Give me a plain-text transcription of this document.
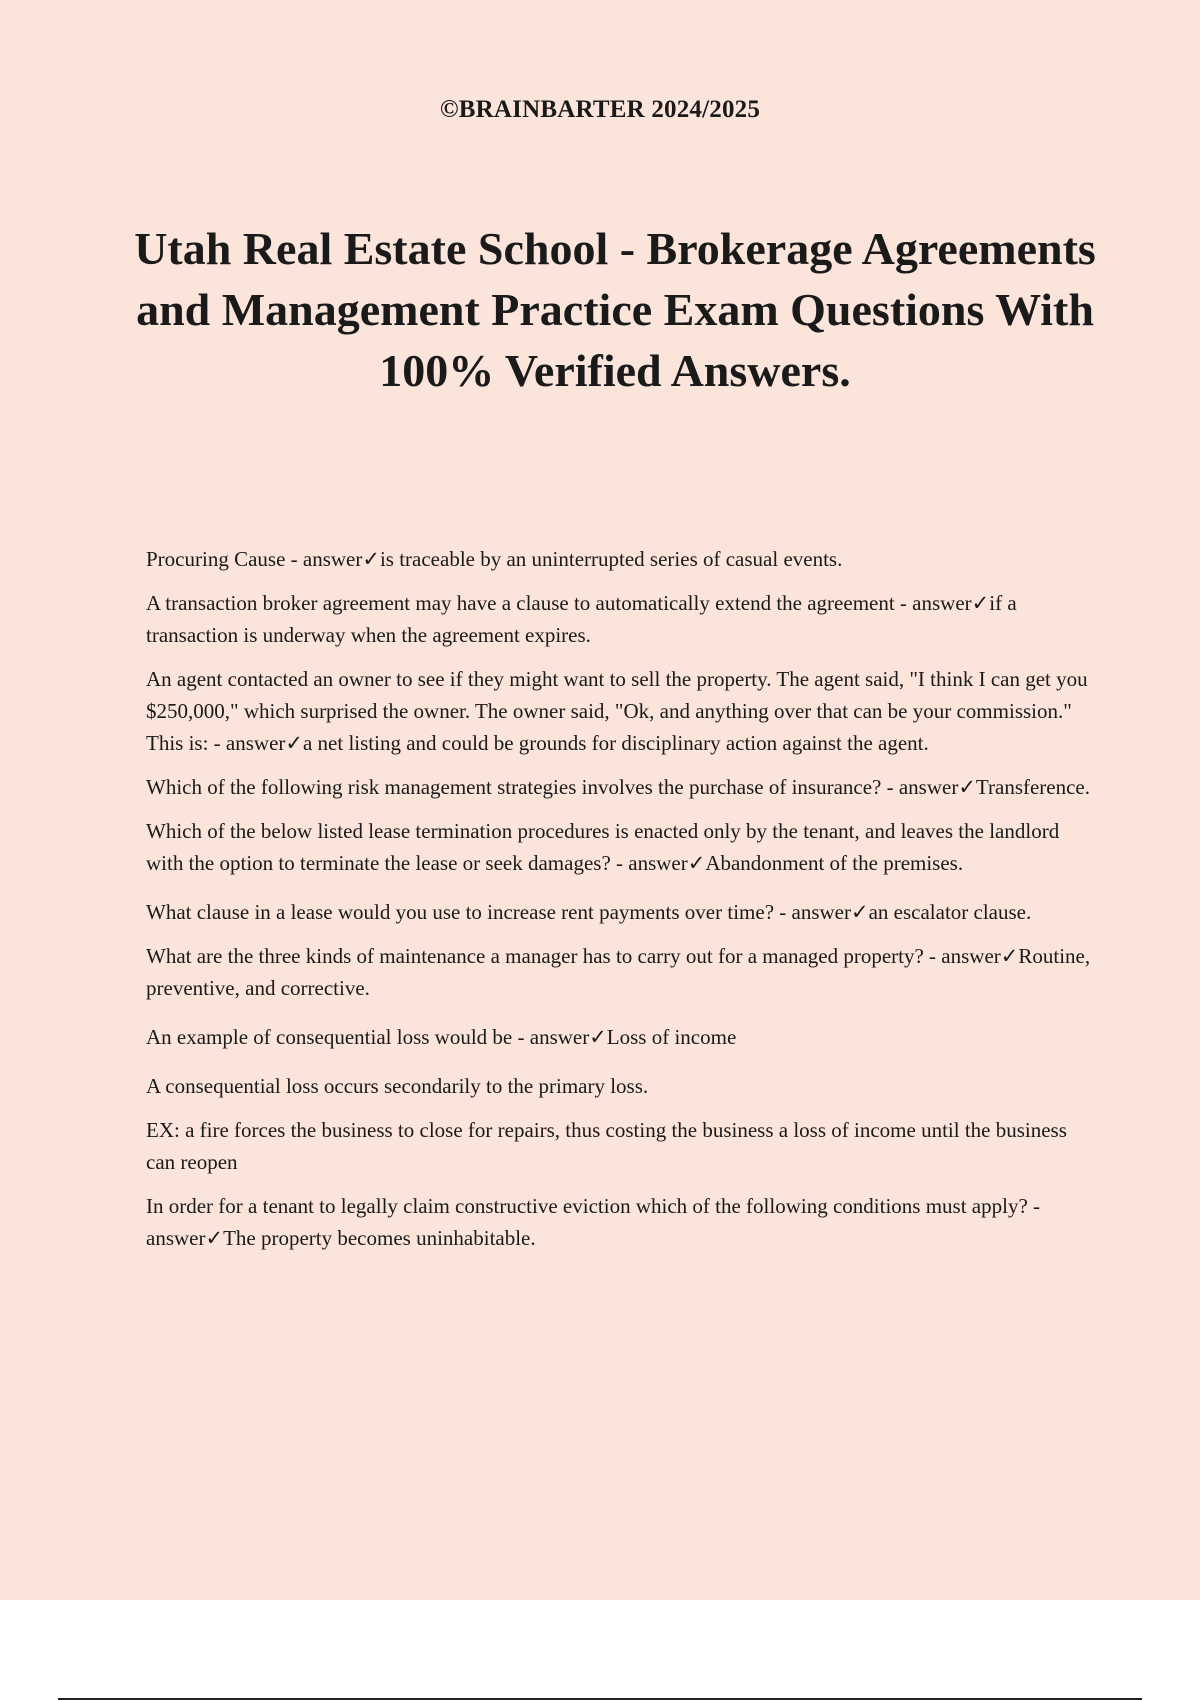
©BRAINBARTER 2024/2025
Utah Real Estate School - Brokerage Agreements and Management Practice Exam Questions With 100% Verified Answers.

Procuring Cause - answer✓is traceable by an uninterrupted series of casual events.

A transaction broker agreement may have a clause to automatically extend the agreement - answer✓if a transaction is underway when the agreement expires.

An agent contacted an owner to see if they might want to sell the property. The agent said, "I think I can get you $250,000," which surprised the owner. The owner said, "Ok, and anything over that can be your commission." This is: - answer✓a net listing and could be grounds for disciplinary action against the agent.

Which of the following risk management strategies involves the purchase of insurance? - answer✓Transference.

Which of the below listed lease termination procedures is enacted only by the tenant, and leaves the landlord with the option to terminate the lease or seek damages? - answer✓Abandonment of the premises.

What clause in a lease would you use to increase rent payments over time? - answer✓an escalator clause.

What are the three kinds of maintenance a manager has to carry out for a managed property? - answer✓Routine, preventive, and corrective.

An example of consequential loss would be - answer✓Loss of income

A consequential loss occurs secondarily to the primary loss.

EX: a fire forces the business to close for repairs, thus costing the business a loss of income until the business can reopen

In order for a tenant to legally claim constructive eviction which of the following conditions must apply? - answer✓The property becomes uninhabitable.
